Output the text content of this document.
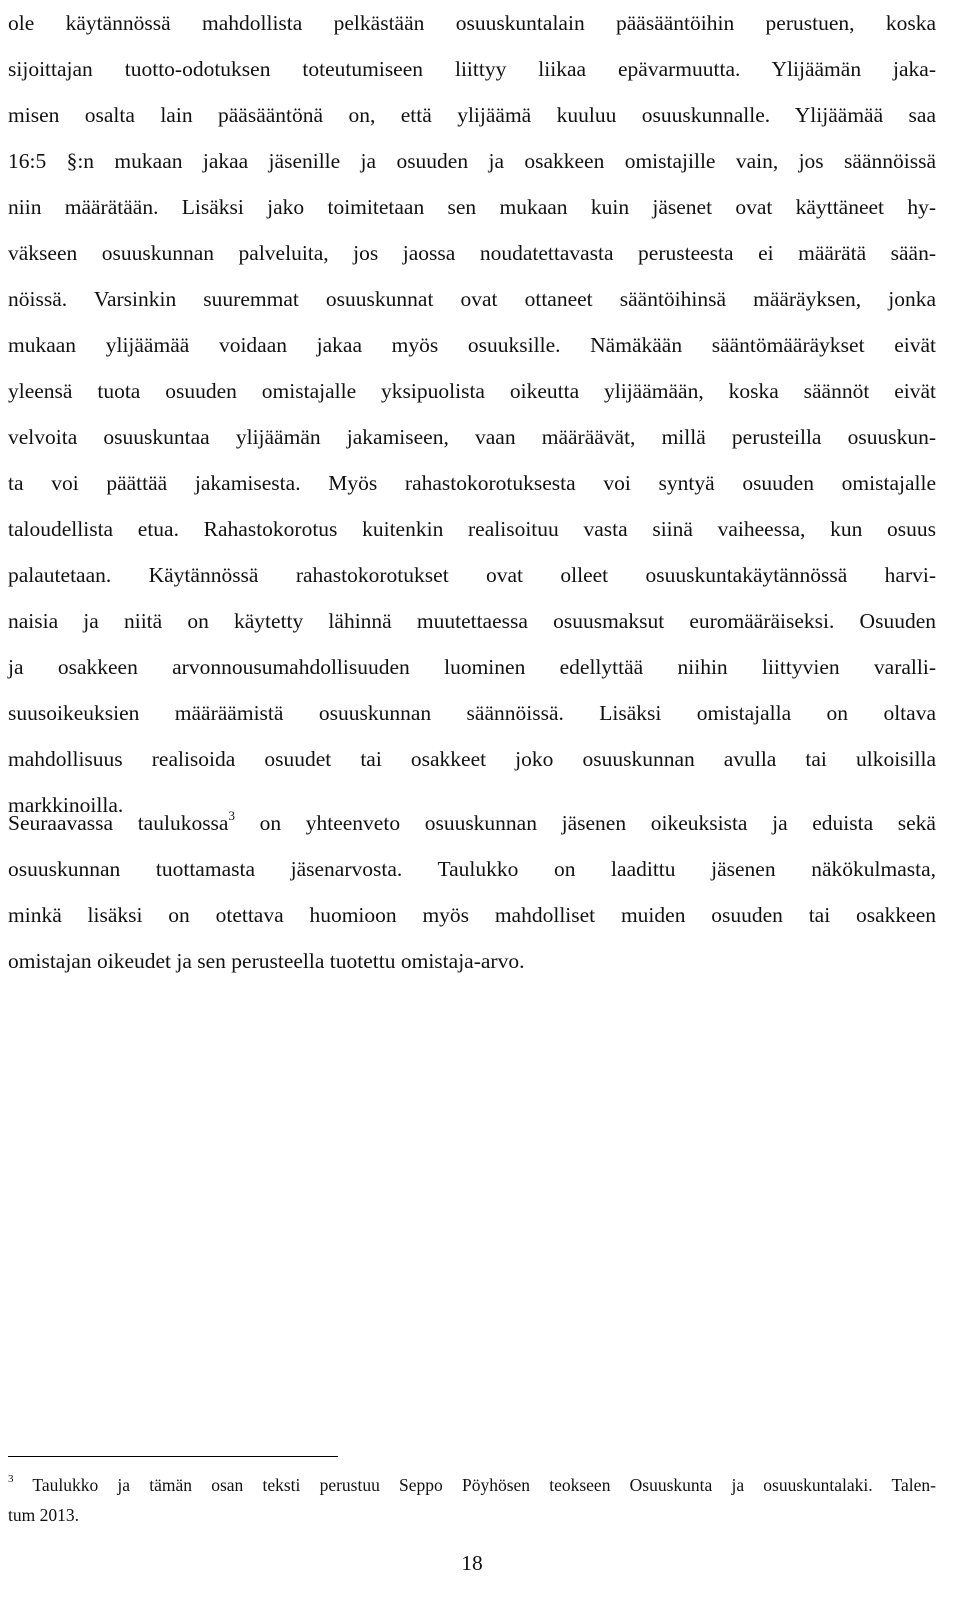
ole käytännössä mahdollista pelkästään osuuskuntalain pääsääntöihin perustuen, koska
sijoittajan tuotto-odotuksen toteutumiseen liittyy liikaa epävarmuutta. Ylijäämän jaka-
misen osalta lain pääsääntönä on, että ylijäämä kuuluu osuuskunnalle. Ylijäämää saa
16:5 §:n mukaan jakaa jäsenille ja osuuden ja osakkeen omistajille vain, jos säännöissä
niin määrätään. Lisäksi jako toimitetaan sen mukaan kuin jäsenet ovat käyttäneet hy-
väkseen osuuskunnan palveluita, jos jaossa noudatettavasta perusteesta ei määrätä sään-
nöissä. Varsinkin suuremmat osuuskunnat ovat ottaneet sääntöihinsä määräyksen, jonka
mukaan ylijäämää voidaan jakaa myös osuuksille. Nämäkään sääntömääräykset eivät
yleensä tuota osuuden omistajalle yksipuolista oikeutta ylijäämään, koska säännöt eivät
velvoita osuuskuntaa ylijäämän jakamiseen, vaan määräävät, millä perusteilla osuuskun-
ta voi päättää jakamisesta. Myös rahastokorotuksesta voi syntyä osuuden omistajalle
taloudellista etua. Rahastokorotus kuitenkin realisoituu vasta siinä vaiheessa, kun osuus
palautetaan. Käytännössä rahastokorotukset ovat olleet osuuskuntakäytännössä harvi-
naisia ja niitä on käytetty lähinnä muutettaessa osuusmaksut euromääräiseksi. Osuuden
ja osakkeen arvonnousumahdollisuuden luominen edellyttää niihin liittyvien varalli-
suusoikeuksien määräämistä osuuskunnan säännöissä. Lisäksi omistajalla on oltava
mahdollisuus realisoida osuudet tai osakkeet joko osuuskunnan avulla tai ulkoisilla
markkinoilla.
Seuraavassa taulukossa$^3$ on yhteenveto osuuskunnan jäsenen oikeuksista ja eduista sekä
osuuskunnan tuottamasta jäsenarvosta. Taulukko on laadittu jäsenen näkökulmasta,
minkä lisäksi on otettava huomioon myös mahdolliset muiden osuuden tai osakkeen
omistajan oikeudet ja sen perusteella tuotettu omistaja-arvo.
$^3$ Taulukko ja tämän osan teksti perustuu Seppo Pöyhösen teokseen Osuuskunta ja osuuskuntalaki. Talen-
tum 2013.
18
